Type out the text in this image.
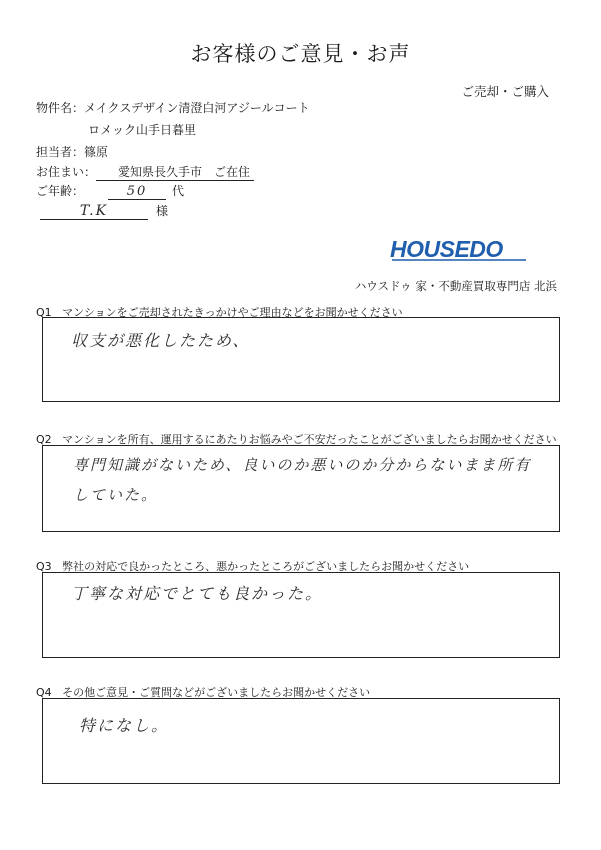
お客様のご意見・お声
ご売却・ご購入
物件名：メイクスデザイン清澄白河アジールコート
ロメック山手日暮里
担当者：篠原
お住まい： 愛知県長久手市　ご在住
ご年齢：	50 代
T.K	様
HOUSEDO
ハウスドゥ 家・不動産買取専門店 北浜
Q1 マンションをご売却されたきっかけやご理由などをお聞かせください
収支が悪化したため、
Q2 マンションを所有、運用するにあたりお悩みやご不安だったことがございましたらお聞かせください
専門知識がないため、良いのか悪いのか分からないまま所有
していた。
Q3 弊社の対応で良かったところ、悪かったところがございましたらお聞かせください
丁寧な対応でとても良かった。
Q4 その他ご意見・ご質問などがございましたらお聞かせください
特になし。
